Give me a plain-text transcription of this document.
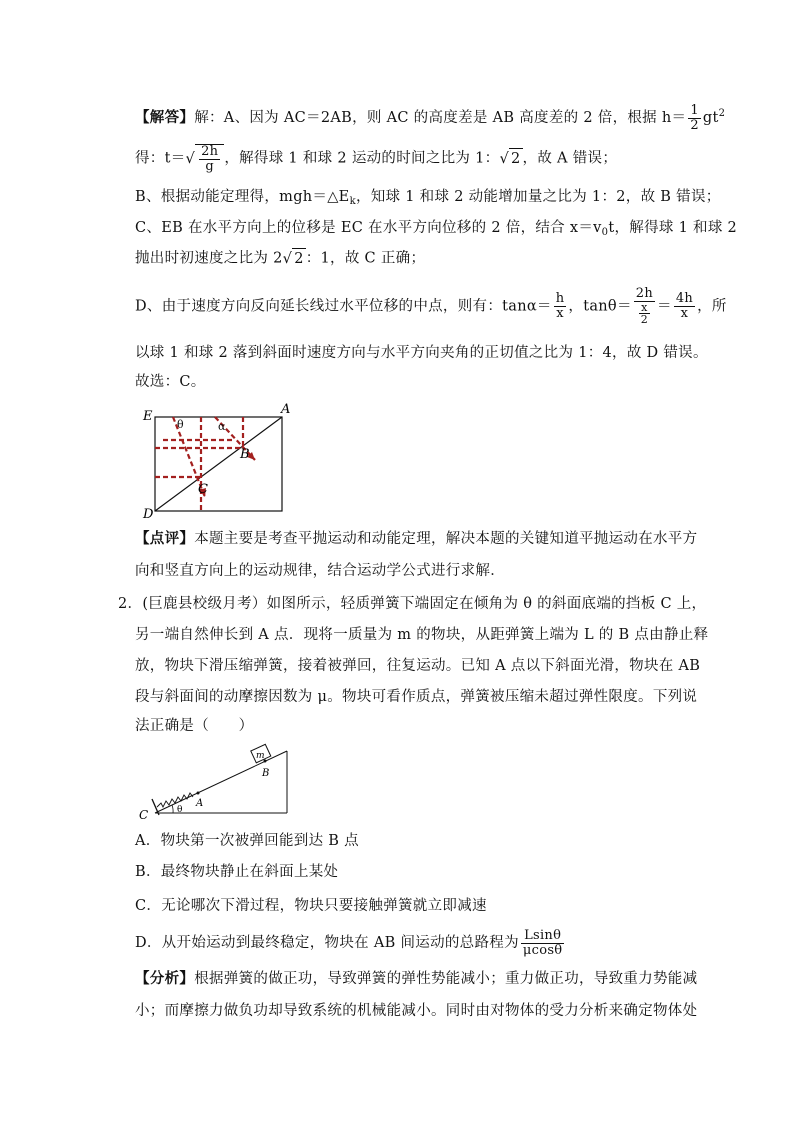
【解答】解：A、因为 AC＝2AB，则 AC 的高度差是 AB 高度差的 2 倍，根据 $h= \frac{1}{2} gt^2$
得：$t=√ \frac{2h}{g}$ ，解得球 1 和球 2 运动的时间之比为 1：√ 2 ，故 A 错误；
B、根据动能定理得，$mgh=\triangle E_k$，知球 1 和球 2 动能增加量之比为 1：2，故 B 错误；
C、EB 在水平方向上的位移是 EC 在水平方向位移的 2 倍，结合 $x=v_0t$，解得球 1 和球 2
抛出时初速度之比为 2√ 2 ：1，故 C 正确；
D、由于速度方向反向延长线过水平位移的中点，则有：$\tan\alpha= \frac{h}{x}$ ，$\tan\theta= \frac{2h}{\frac{x}{2}} = \frac{4h}{x}$ ，所
以球 1 和球 2 落到斜面时速度方向与水平方向夹角的正切值之比为 1：4，故 D 错误。
故选：C。
E	A
D
B
C
θ	α
【点评】本题主要是考查平抛运动和动能定理，解决本题的关键知道平抛运动在水平方
向和竖直方向上的运动规律，结合运动学公式进行求解．
2．(巨鹿县校级月考）如图所示，轻质弹簧下端固定在倾角为 θ 的斜面底端的挡板 C 上，
另一端自然伸长到 A 点．现将一质量为 m 的物块，从距弹簧上端为 L 的 B 点由静止释
放，物块下滑压缩弹簧，接着被弹回，往复运动。已知 A 点以下斜面光滑，物块在 AB
段与斜面间的动摩擦因数为 μ。物块可看作质点，弹簧被压缩未超过弹性限度。下列说
法正确是（　　）
m
B
A
C	θ
A．物块第一次被弹回能到达 B 点
B．最终物块静止在斜面上某处
C．无论哪次下滑过程，物块只要接触弹簧就立即减速
D．从开始运动到最终稳定，物块在 AB 间运动的总路程为 $\frac{Lsin\theta}{\mu\cos\theta}$
【分析】根据弹簧的做正功，导致弹簧的弹性势能减小；重力做正功，导致重力势能减
小；而摩擦力做负功却导致系统的机械能减小。同时由对物体的受力分析来确定物体处
